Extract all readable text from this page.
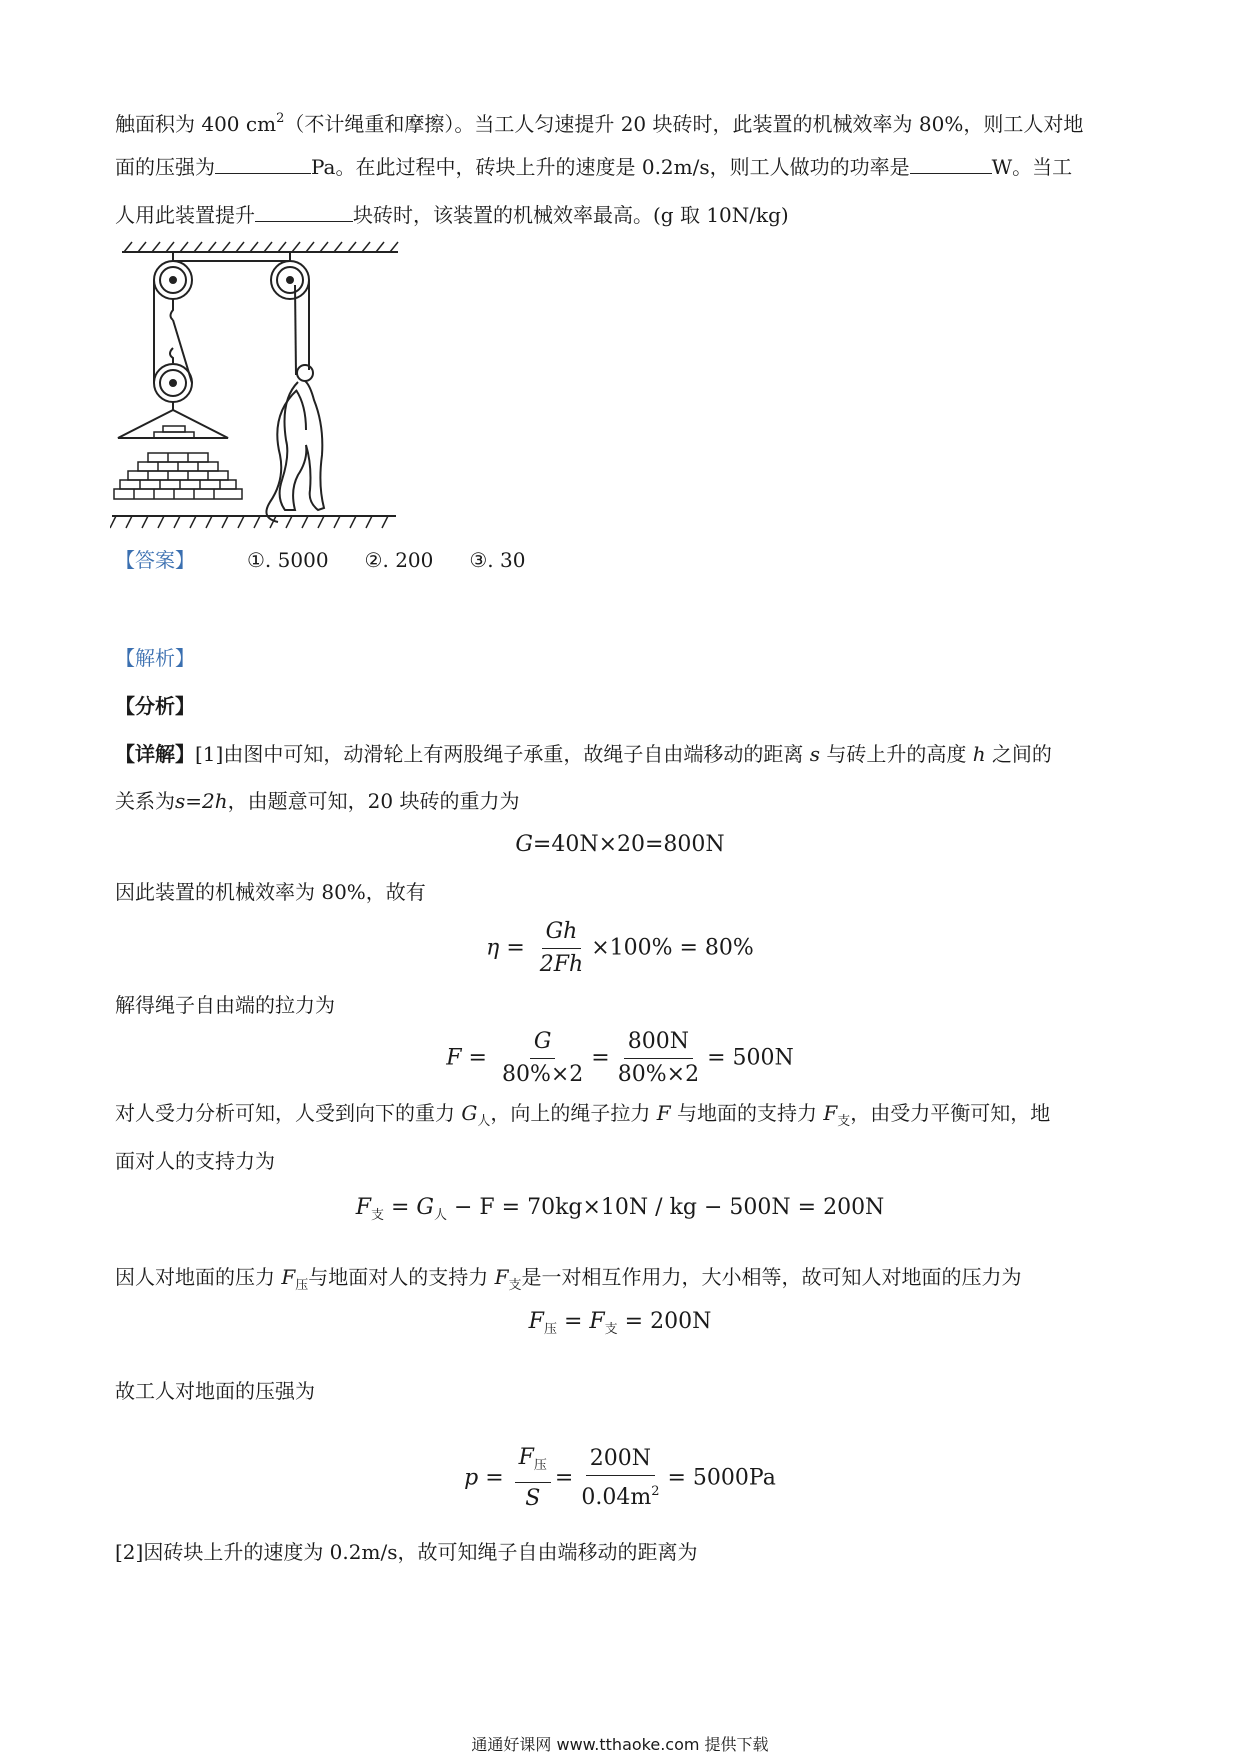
触面积为 400 $cm^2$（不计绳重和摩擦）。当工人匀速提升 20 块砖时，此装置的机械效率为 80%，则工人对地
面的压强为	Pa。在此过程中，砖块上升的速度是 0.2m/s，则工人做功的功率是	W。当工
人用此装置提升	块砖时，该装置的机械效率最高。(g 取 10N/kg)
【答案】	①. 5000 ②. 200 ③. 30
【解析】
【分析】
【详解】[1]由图中可知，动滑轮上有两股绳子承重，故绳子自由端移动的距离 s 与砖上升的高度 h 之间的
关系为s=2h，由题意可知，20 块砖的重力为
G=40N×20=800N
因此装置的机械效率为 80%，故有
$\eta = \frac{Gh}{2Fh} \times 100\% = 80\%$
解得绳子自由端的拉力为
$F = \frac{G}{80\%\times 2} = \frac{800N}{80\%\times 2} = 500N$
对人受力分析可知，人受到向下的重力 $G_人$，向上的绳子拉力 F 与地面的支持力 $F_支$，由受力平衡可知，地
面对人的支持力为
$F_支 = G_人 - F = 70kg\times 10N$ / kg − 500N = 200N
因人对地面的压力 $F_压$与地面对人的支持力 $F_支$是一对相互作用力，大小相等，故可知人对地面的压力为
$F_压 = F_支 = 200N$
故工人对地面的压强为
$p = \frac{F_压}{S} = \frac{200N}{0.04m^2} = 5000Pa$
[2]因砖块上升的速度为 0.2m/s，故可知绳子自由端移动的距离为
通通好课网 www.tthaoke.com 提供下载
